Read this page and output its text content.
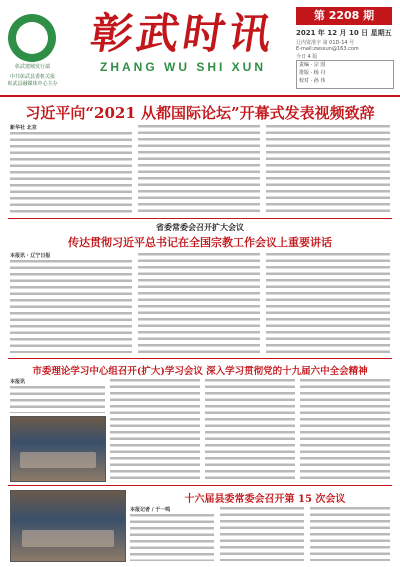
彰武建城发行端
中共彰武县委机关报
彰武县融媒体中心主办
彰武时讯
ZHANG WU SHI XUN
第 2208 期
2021 年 12 月 10 日 星期五
辽内资准字 第 01D-14 号
E-mail:zwsxun@163.com
今日 4 版
责编 · 宗 国
排版 · 杨 丹
校对 · 孙 伟
习近平向“2021 从都国际论坛”开幕式发表视频致辞
新华社 北京
省委常委会召开扩大会议
传达贯彻习近平总书记在全国宗教工作会议上重要讲话
本报讯 · 辽宁日报
市委理论学习中心组召开(扩大)学习会议 深入学习贯彻党的十九届六中全会精神
本报讯
十六届县委常委会召开第 15 次会议
本报记者 / 于一鸣
